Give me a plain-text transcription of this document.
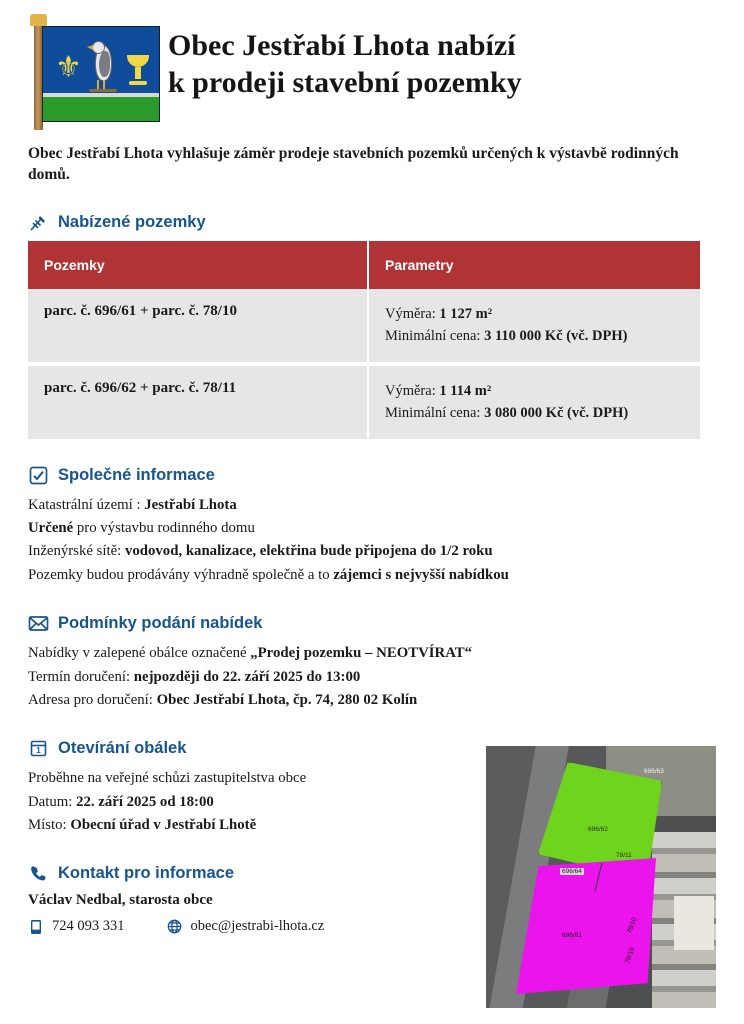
⚜
Obec Jestřabí Lhota nabízí
k prodeji stavební pozemky
Obec Jestřabí Lhota vyhlašuje záměr prodeje stavebních pozemků určených k výstavbě rodinných domů.
Nabízené pozemky
Pozemky	Parametry
parc. č. 696/61 + parc. č. 78/10	Výměra: 1 127 m²
Minimální cena: 3 110 000 Kč (vč. DPH)

parc. č. 696/62 + parc. č. 78/11	Výměra: 1 114 m²
Minimální cena: 3 080 000 Kč (vč. DPH)
Společné informace
Katastrální území : Jestřabí Lhota
Určené pro výstavbu rodinného domu
Inženýrské sítě: vodovod, kanalizace, elektřina bude připojena do 1/2 roku
Pozemky budou prodávány výhradně společně a to zájemci s nejvyšší nabídkou
Podmínky podání nabídek
Nabídky v zalepené obálce označené „Prodej pozemku – NEOTVÍRAT“
Termín doručení: nejpozději do 22. září 2025 do 13:00
Adresa pro doručení: Obec Jestřabí Lhota, čp. 74, 280 02 Kolín
1 Otevírání obálek
Proběhne na veřejné schůzi zastupitelstva obce
Datum: 22. září 2025 od 18:00
Místo: Obecní úřad v Jestřabí Lhotě
Kontakt pro informace
Václav Nedbal, starosta obce
724 093 331	obec@jestrabi-lhota.cz
696/63
696/62
78/11
696/64
696/61
78/10
78/10
